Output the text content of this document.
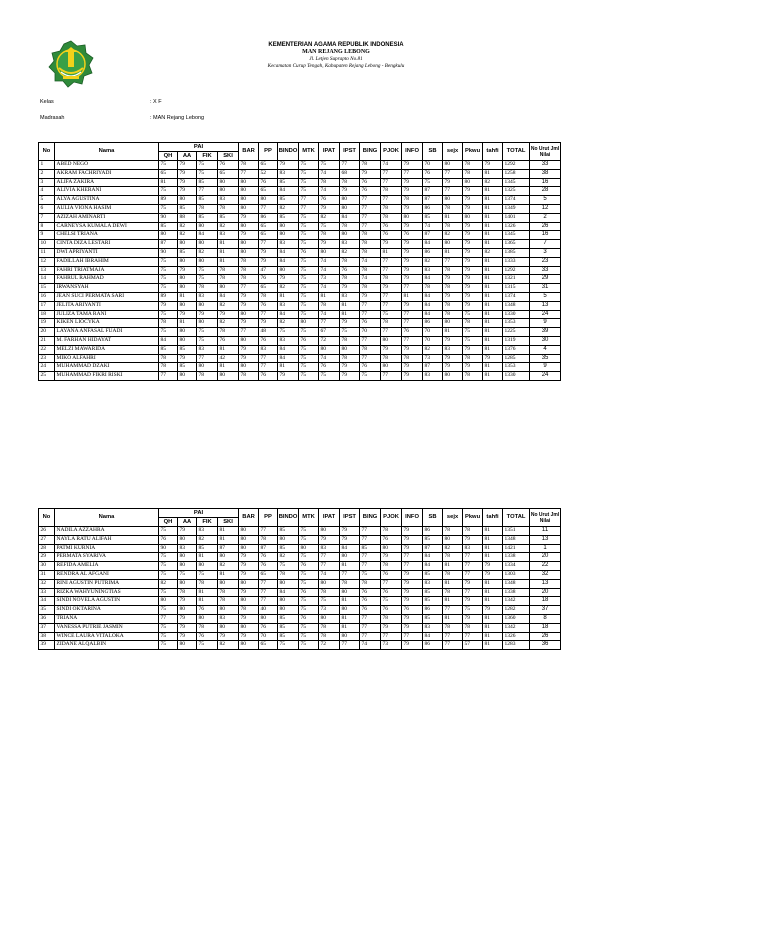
KEMENTERIAN AGAMA REPUBLIK INDONESIA
MAN REJANG LEBONG
Jl. Letjen Suprapto No.81
Kecamatan Curup Tengah, Kabupaten Rejang Lebong - Bengkulu
Kelas	: X F
Madrasah	: MAN Rejang Lebong
No	Nama	PAI				BAR	PP	BINDO	MTK	IPAT	IPST	BING	PJOK	INFO	SB	sejx	Pkwu	tahfi	TOTAL	No Urut Jml Nilai
		QH	AA	FIK	SKI															
1	ABED NEGO	75	79	75	76	78	65	79	75	75	77	78	74	79	70	80	78	79	1292	33
2	AKRAM FACHRIYADI	65	79	75	65	77	52	83	75	74	68	79	77	77	76	77	78	81	1258	38
3	ALIFA ZAKIRA	81	79	85	80	80	76	85	75	78	78	76	77	79	75	79	80	82	1345	16
4	ALIVIA KHERANI	75	79	77	80	80	65	84	75	74	79	76	78	79	87	77	79	81	1325	28
5	ALYA AGUSTINA	89	80	85	83	80	80	85	77	76	80	77	77	78	87	80	79	81	1374	5
6	AULIA VIONA HASIM	75	85	78	78	80	77	82	77	79	80	77	78	79	86	78	79	81	1349	12
7	AZIZAH AMINARTI	90	88	85	85	79	86	85	75	82	84	77	78	80	85	81	80	81	1401	2
8	CARNEYSA KUMALA DEWI	85	82	80	82	80	65	80	75	75	78	77	76	79	74	78	79	81	1326	26
9	CHELSI TRIANA	80	82	84	83	79	65	80	75	78	80	78	76	76	87	82	79	81	1345	16
10	CINTA DIZA LESTARI	87	80	80	81	80	77	83	75	79	83	78	79	79	84	80	79	81	1365	7
11	DWI APRIYANTI	90	85	82	81	80	79	84	76	80	82	78	81	79	86	81	79	82	1385	3
12	FADILLAH IBRAHIM	75	80	80	81	78	79	84	75	74	78	74	77	79	82	77	79	81	1333	23
13	FAHRI TRIATMAJA	75	79	75	78	78	47	80	75	74	76	78	77	79	83	78	79	81	1292	33
14	FAHRUL RAHMAD	75	80	75	78	78	76	79	75	73	78	74	78	79	84	79	79	81	1321	29
15	IRWANSYAH	75	80	78	80	77	65	82	75	74	79	78	79	77	78	78	79	81	1315	31
16	JEAN SUCI PERMATA SARI	89	81	83	84	79	78	81	75	81	83	79	77	81	84	79	79	81	1374	5
17	JELITA ARIYANTI	79	80	80	82	79	76	83	75	78	81	77	77	79	84	78	79	81	1348	13
18	JULIZA TAMA RANI	75	79	79	79	80	77	84	75	74	81	77	75	77	84	78	75	81	1330	24
19	KIKEN LIOCYKA	78	81	80	82	79	79	82	80	77	79	76	78	77	86	80	78	81	1353	9
20	LAYANA ANFASAL FUADI	75	80	75	78	77	48	75	75	67	75	70	77	76	70	81	75	81	1225	39
21	M. FARHAN HIDAYAT	84	80	75	76	80	76	83	76	72	78	77	80	77	70	79	75	81	1319	30
22	MELZI MAWARIDA	85	85	83	81	79	83	84	75	80	80	78	79	79	82	83	79	81	1376	4
23	MIKO ALFAHRI	78	79	77	42	79	77	84	75	74	78	77	78	78	73	79	78	79	1285	35
24	MUHAMMAD DZAKI	78	85	80	81	80	77	81	75	76	79	76	80	79	87	79	79	81	1353	9
25	MUHAMMAD FIKRI RISKI	77	80	78	80	78	76	79	75	75	79	75	77	79	83	80	78	81	1330	24
No	Nama	PAI				BAR	PP	BINDO	MTK	IPAT	IPST	BING	PJOK	INFO	SB	sejx	Pkwu	tahfi	TOTAL	No Urut Jml Nilai
		QH	AA	FIK	SKI															
26	NADILA AZZAHRA	75	79	83	81	80	77	85	75	80	79	77	78	79	86	78	78	81	1351	11
27	NAYLA RATU ALIFAH	76	80	82	81	80	78	80	75	79	79	77	76	79	85	80	79	81	1348	13
28	PATMI KURNIA	90	83	85	87	80	87	85	80	83	84	85	80	79	87	82	83	81	1421	1
29	PERMATA SYARIVA	75	80	81	80	79	76	82	75	77	80	77	79	77	84	78	77	81	1338	20
30	REFIDA AMELIA	75	80	80	82	79	76	75	76	77	81	77	78	77	84	81	77	79	1334	22
31	RENDRA AL AFGANI	75	75	75	81	79	65	78	75	74	77	75	76	79	85	78	77	79	1303	32
32	RINI AGUSTIN PUTRIMA	82	80	78	80	80	77	80	75	80	78	78	77	79	83	81	79	81	1348	13
33	RIZKA WAHYUNINGTIAS	75	78	81	78	79	77	84	76	78	80	76	76	79	85	78	77	81	1338	20
34	SINDI NOVELA AGUSTIN	80	79	81	78	80	77	80	75	75	81	76	75	79	85	81	79	81	1342	18
35	SINDI OKTARINA	75	80	76	80	78	40	80	75	73	80	76	76	76	86	77	75	79	1282	37
36	TRIANA	77	79	80	83	79	80	85	76	80	81	77	78	79	85	81	79	81	1360	8
37	VANESSA PUTRIE JASMIN	75	79	78	80	80	76	85	75	78	81	77	79	79	83	78	78	81	1342	18
38	WINCE LAURA VITALOKA	75	79	76	79	79	70	85	75	78	80	77	77	77	84	77	77	81	1326	26
39	ZIDANE ALQALBIN	75	80	75	82	80	65	75	75	72	77	74	73	79	86	77	57	81	1283	36
